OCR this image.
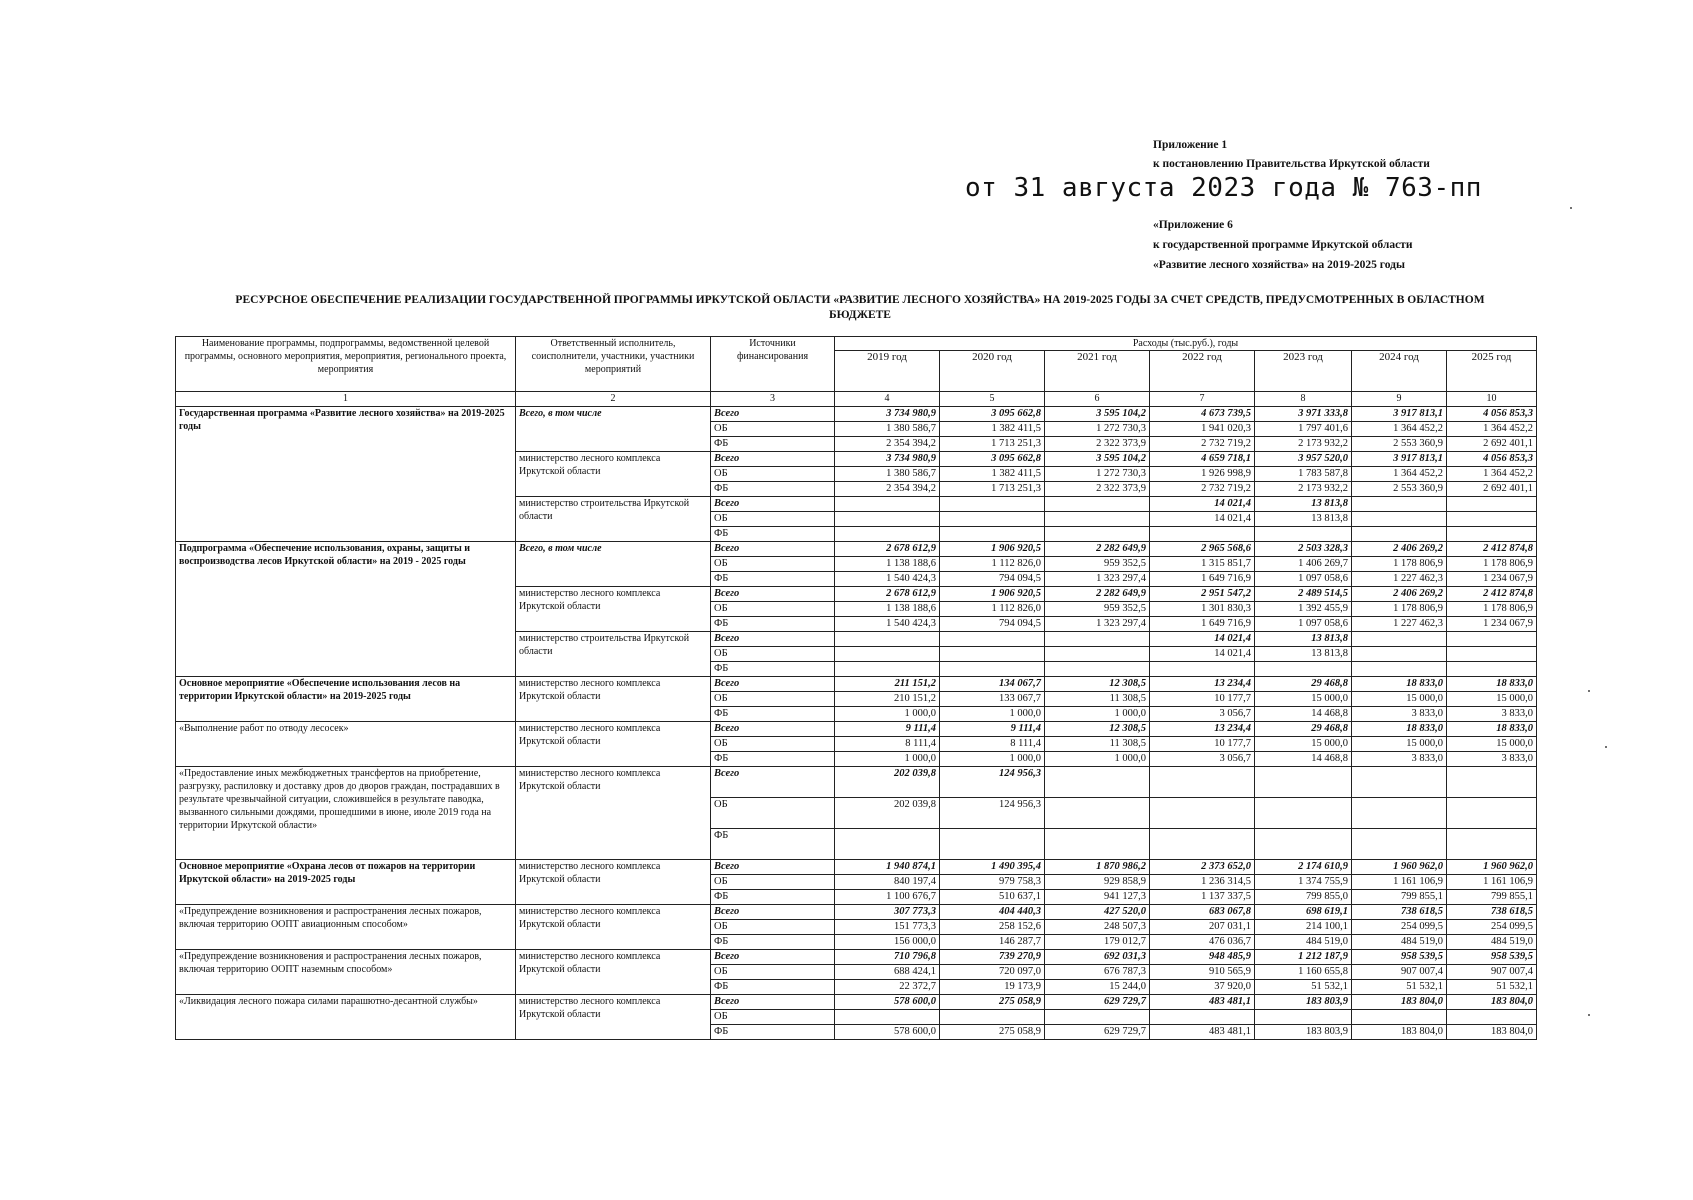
Приложение 1
к постановлению Правительства Иркутской области
от 31 августа 2023 года № 763-пп
«Приложение 6
к государственной программе Иркутской области
«Развитие лесного хозяйства» на 2019-2025 годы
РЕСУРСНОЕ ОБЕСПЕЧЕНИЕ РЕАЛИЗАЦИИ ГОСУДАРСТВЕННОЙ ПРОГРАММЫ ИРКУТСКОЙ ОБЛАСТИ «РАЗВИТИЕ ЛЕСНОГО ХОЗЯЙСТВА» НА 2019-2025 ГОДЫ ЗА СЧЕТ СРЕДСТВ, ПРЕДУСМОТРЕННЫХ В ОБЛАСТНОМ
БЮДЖЕТЕ
Наименование программы, подпрограммы, ведомственной целевой программы, основного мероприятия, мероприятия, регионального проекта, мероприятия	Ответственный исполнитель, соисполнители, участники, участники мероприятий	Источники финансирования	Расходы (тыс.руб.), годы						
			2019 год	2020 год	2021 год	2022 год	2023 год	2024 год	2025 год
1	2	3	4	5	6	7	8	9	10
Государственная программа «Развитие лесного хозяйства» на 2019-2025 годы	Всего, в том числе	Всего	3 734 980,9	3 095 662,8	3 595 104,2	4 673 739,5	3 971 333,8	3 917 813,1	4 056 853,3
		ОБ	1 380 586,7	1 382 411,5	1 272 730,3	1 941 020,3	1 797 401,6	1 364 452,2	1 364 452,2
		ФБ	2 354 394,2	1 713 251,3	2 322 373,9	2 732 719,2	2 173 932,2	2 553 360,9	2 692 401,1
	министерство лесного комплекса Иркутской области	Всего	3 734 980,9	3 095 662,8	3 595 104,2	4 659 718,1	3 957 520,0	3 917 813,1	4 056 853,3
		ОБ	1 380 586,7	1 382 411,5	1 272 730,3	1 926 998,9	1 783 587,8	1 364 452,2	1 364 452,2
		ФБ	2 354 394,2	1 713 251,3	2 322 373,9	2 732 719,2	2 173 932,2	2 553 360,9	2 692 401,1
	министерство строительства Иркутской области	Всего				14 021,4	13 813,8		
		ОБ				14 021,4	13 813,8		
		ФБ							
Подпрограмма «Обеспечение использования, охраны, защиты и воспроизводства лесов Иркутской области» на 2019 - 2025 годы	Всего, в том числе	Всего	2 678 612,9	1 906 920,5	2 282 649,9	2 965 568,6	2 503 328,3	2 406 269,2	2 412 874,8
		ОБ	1 138 188,6	1 112 826,0	959 352,5	1 315 851,7	1 406 269,7	1 178 806,9	1 178 806,9
		ФБ	1 540 424,3	794 094,5	1 323 297,4	1 649 716,9	1 097 058,6	1 227 462,3	1 234 067,9
	министерство лесного комплекса Иркутской области	Всего	2 678 612,9	1 906 920,5	2 282 649,9	2 951 547,2	2 489 514,5	2 406 269,2	2 412 874,8
		ОБ	1 138 188,6	1 112 826,0	959 352,5	1 301 830,3	1 392 455,9	1 178 806,9	1 178 806,9
		ФБ	1 540 424,3	794 094,5	1 323 297,4	1 649 716,9	1 097 058,6	1 227 462,3	1 234 067,9
	министерство строительства Иркутской области	Всего				14 021,4	13 813,8		
		ОБ				14 021,4	13 813,8		
		ФБ							
Основное мероприятие «Обеспечение использования лесов на территории Иркутской области» на 2019-2025 годы	министерство лесного комплекса Иркутской области	Всего	211 151,2	134 067,7	12 308,5	13 234,4	29 468,8	18 833,0	18 833,0
		ОБ	210 151,2	133 067,7	11 308,5	10 177,7	15 000,0	15 000,0	15 000,0
		ФБ	1 000,0	1 000,0	1 000,0	3 056,7	14 468,8	3 833,0	3 833,0
«Выполнение работ по отводу лесосек»	министерство лесного комплекса Иркутской области	Всего	9 111,4	9 111,4	12 308,5	13 234,4	29 468,8	18 833,0	18 833,0
		ОБ	8 111,4	8 111,4	11 308,5	10 177,7	15 000,0	15 000,0	15 000,0
		ФБ	1 000,0	1 000,0	1 000,0	3 056,7	14 468,8	3 833,0	3 833,0
«Предоставление иных межбюджетных трансфертов на приобретение, разгрузку, распиловку и доставку дров до дворов граждан, пострадавших в результате чрезвычайной ситуации, сложившейся в результате паводка, вызванного сильными дождями, прошедшими в июне, июле 2019 года на территории Иркутской области»	министерство лесного комплекса Иркутской области	Всего	202 039,8	124 956,3					
		ОБ	202 039,8	124 956,3					
		ФБ							
Основное мероприятие «Охрана лесов от пожаров на территории Иркутской области» на 2019-2025 годы	министерство лесного комплекса Иркутской области	Всего	1 940 874,1	1 490 395,4	1 870 986,2	2 373 652,0	2 174 610,9	1 960 962,0	1 960 962,0
		ОБ	840 197,4	979 758,3	929 858,9	1 236 314,5	1 374 755,9	1 161 106,9	1 161 106,9
		ФБ	1 100 676,7	510 637,1	941 127,3	1 137 337,5	799 855,0	799 855,1	799 855,1
«Предупреждение возникновения и распространения лесных пожаров, включая территорию ООПТ авиационным способом»	министерство лесного комплекса Иркутской области	Всего	307 773,3	404 440,3	427 520,0	683 067,8	698 619,1	738 618,5	738 618,5
		ОБ	151 773,3	258 152,6	248 507,3	207 031,1	214 100,1	254 099,5	254 099,5
		ФБ	156 000,0	146 287,7	179 012,7	476 036,7	484 519,0	484 519,0	484 519,0
«Предупреждение возникновения и распространения лесных пожаров, включая территорию ООПТ наземным способом»	министерство лесного комплекса Иркутской области	Всего	710 796,8	739 270,9	692 031,3	948 485,9	1 212 187,9	958 539,5	958 539,5
		ОБ	688 424,1	720 097,0	676 787,3	910 565,9	1 160 655,8	907 007,4	907 007,4
		ФБ	22 372,7	19 173,9	15 244,0	37 920,0	51 532,1	51 532,1	51 532,1
«Ликвидация лесного пожара силами парашютно-десантной службы»	министерство лесного комплекса Иркутской области	Всего	578 600,0	275 058,9	629 729,7	483 481,1	183 803,9	183 804,0	183 804,0
		ОБ							
		ФБ	578 600,0	275 058,9	629 729,7	483 481,1	183 803,9	183 804,0	183 804,0
